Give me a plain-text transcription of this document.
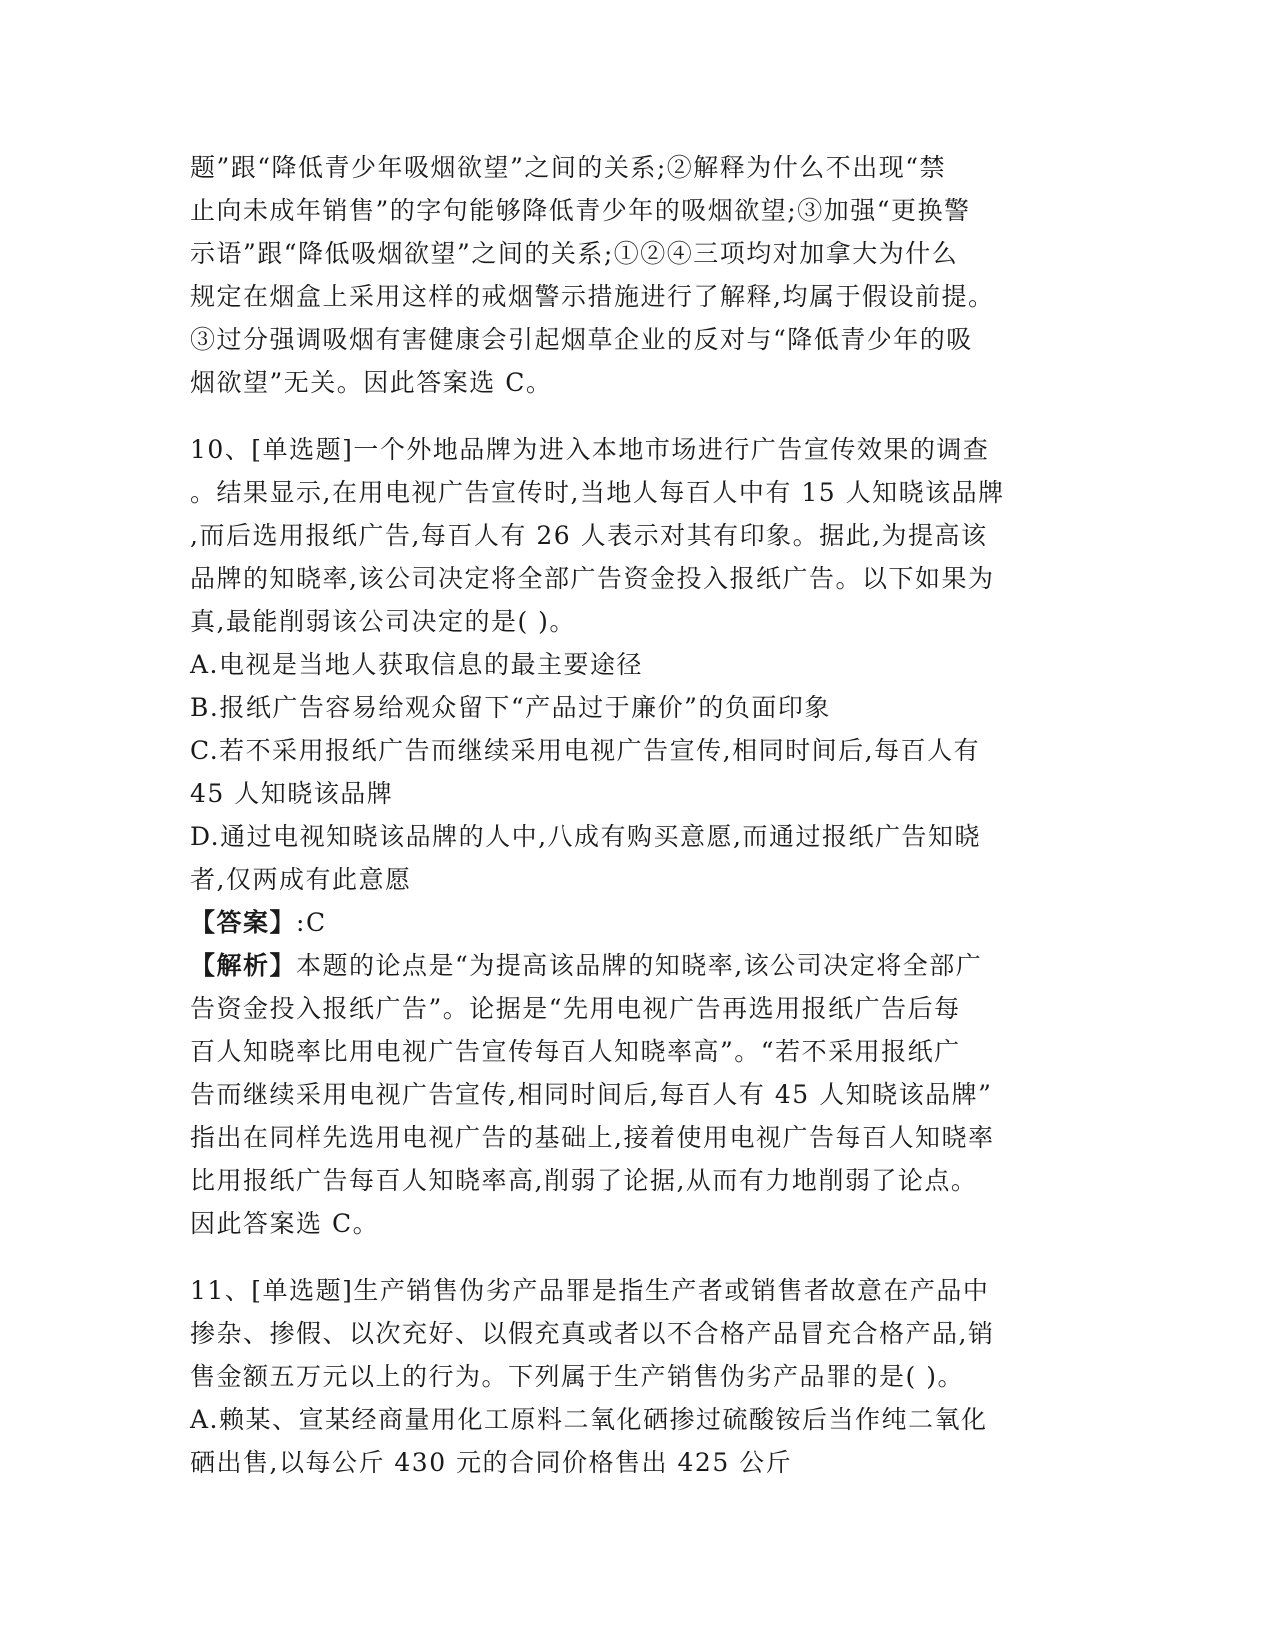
题”跟“降低青少年吸烟欲望”之间的关系;②解释为什么不出现“禁
止向未成年销售”的字句能够降低青少年的吸烟欲望;③加强“更换警
示语”跟“降低吸烟欲望”之间的关系;①②④三项均对加拿大为什么
规定在烟盒上采用这样的戒烟警示措施进行了解释,均属于假设前提。
③过分强调吸烟有害健康会引起烟草企业的反对与“降低青少年的吸
烟欲望”无关。因此答案选 C。
10、[单选题]一个外地品牌为进入本地市场进行广告宣传效果的调查
。结果显示,在用电视广告宣传时,当地人每百人中有 15 人知晓该品牌
,而后选用报纸广告,每百人有 26 人表示对其有印象。据此,为提高该
品牌的知晓率,该公司决定将全部广告资金投入报纸广告。以下如果为
真,最能削弱该公司决定的是( )。
A.电视是当地人获取信息的最主要途径
B.报纸广告容易给观众留下“产品过于廉价”的负面印象
C.若不采用报纸广告而继续采用电视广告宣传,相同时间后,每百人有
45 人知晓该品牌
D.通过电视知晓该品牌的人中,八成有购买意愿,而通过报纸广告知晓
者,仅两成有此意愿
【答案】:C
【解析】本题的论点是“为提高该品牌的知晓率,该公司决定将全部广
告资金投入报纸广告”。论据是“先用电视广告再选用报纸广告后每
百人知晓率比用电视广告宣传每百人知晓率高”。“若不采用报纸广
告而继续采用电视广告宣传,相同时间后,每百人有 45 人知晓该品牌”
指出在同样先选用电视广告的基础上,接着使用电视广告每百人知晓率
比用报纸广告每百人知晓率高,削弱了论据,从而有力地削弱了论点。
因此答案选 C。
11、[单选题]生产销售伪劣产品罪是指生产者或销售者故意在产品中
掺杂、掺假、以次充好、以假充真或者以不合格产品冒充合格产品,销
售金额五万元以上的行为。下列属于生产销售伪劣产品罪的是( )。
A.赖某、宣某经商量用化工原料二氧化硒掺过硫酸铵后当作纯二氧化
硒出售,以每公斤 430 元的合同价格售出 425 公斤
